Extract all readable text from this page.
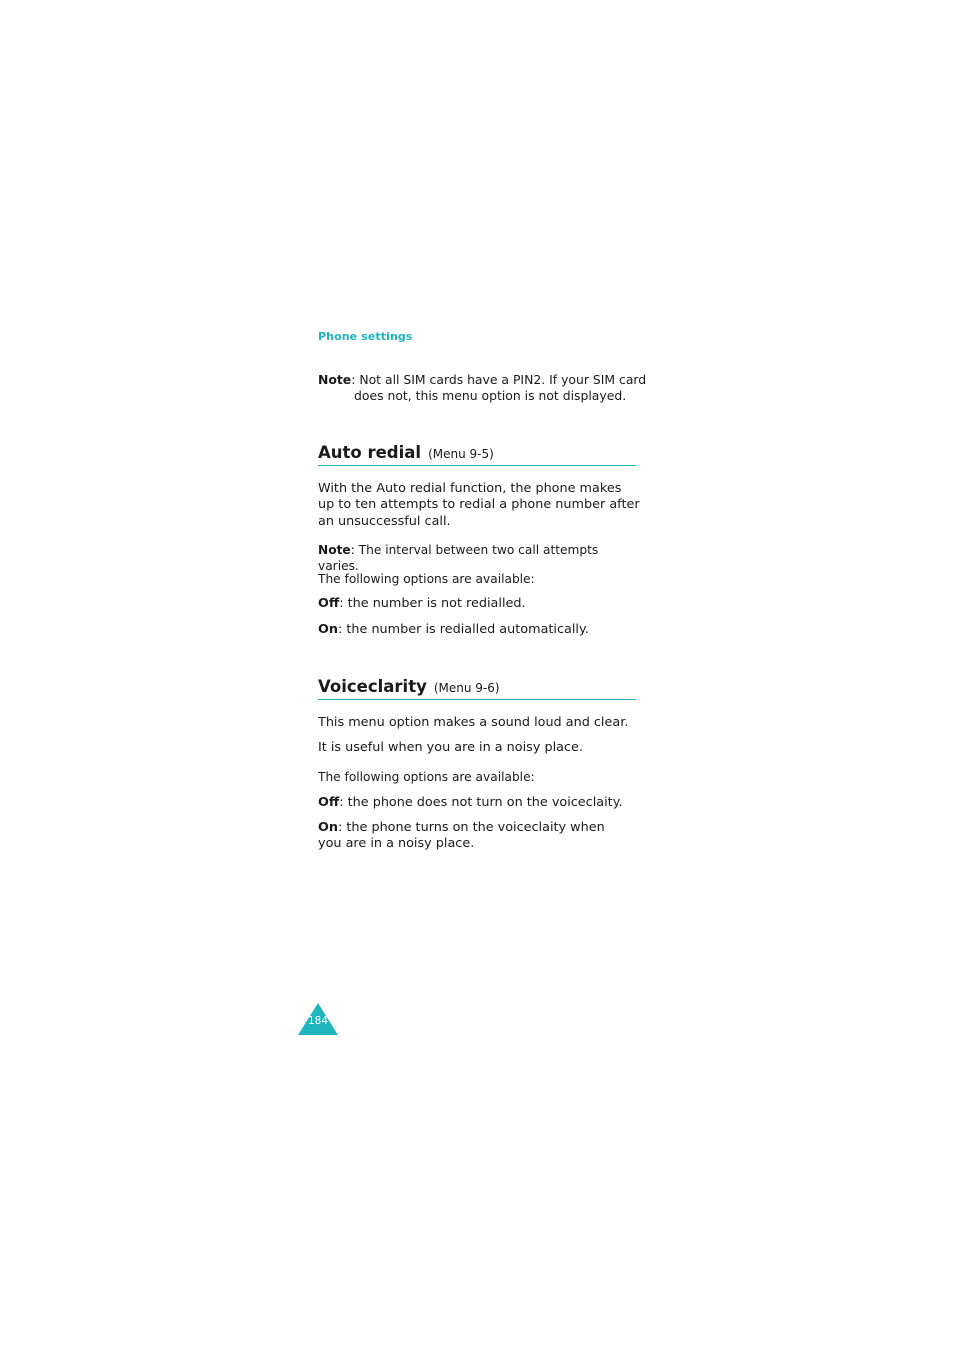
Phone settings
Note: Not all SIM cards have a PIN2. If your SIM card
does not, this menu option is not displayed.
Auto redial (Menu 9-5)
With the Auto redial function, the phone makes up to ten attempts to redial a phone number after an unsuccessful call.
Note: The interval between two call attempts varies.
The following options are available:
Off: the number is not redialled.
On: the number is redialled automatically.
Voiceclarity (Menu 9-6)
This menu option makes a sound loud and clear.
It is useful when you are in a noisy place.
The following options are available:
Off: the phone does not turn on the voiceclaity.
On: the phone turns on the voiceclaity when you are in a noisy place.
184
